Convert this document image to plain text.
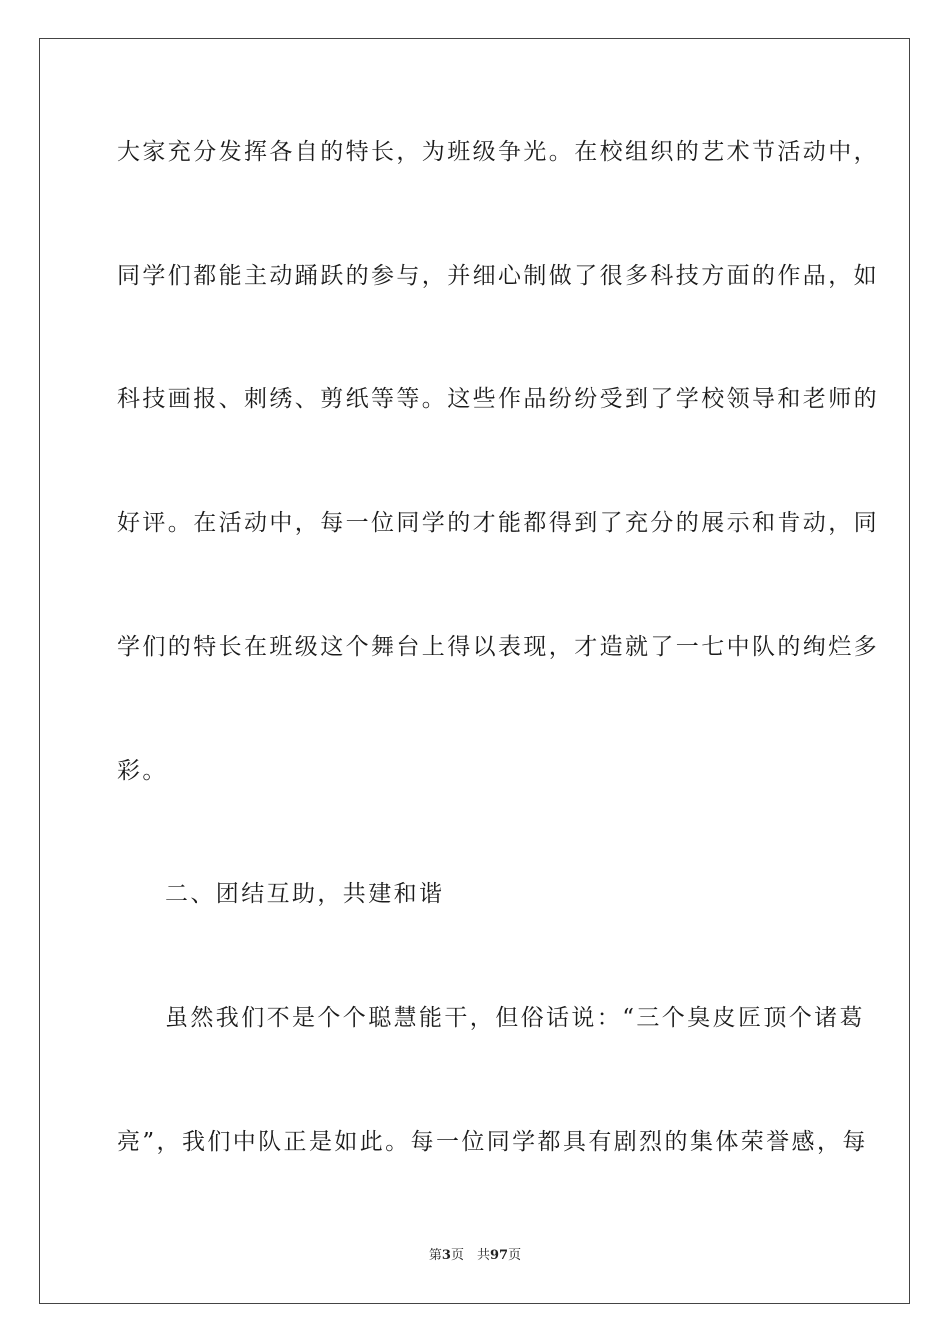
大家充分发挥各自的特长，为班级争光。在校组织的艺术节活动中，
同学们都能主动踊跃的参与，并细心制做了很多科技方面的作品，如
科技画报、刺绣、剪纸等等。这些作品纷纷受到了学校领导和老师的
好评。在活动中，每一位同学的才能都得到了充分的展示和肯动，同
学们的特长在班级这个舞台上得以表现，才造就了一七中队的绚烂多
彩。
二、团结互助，共建和谐
虽然我们不是个个聪慧能干，但俗话说：“三个臭皮匠顶个诸葛
亮”，我们中队正是如此。每一位同学都具有剧烈的集体荣誉感，每
第3页　共97页
